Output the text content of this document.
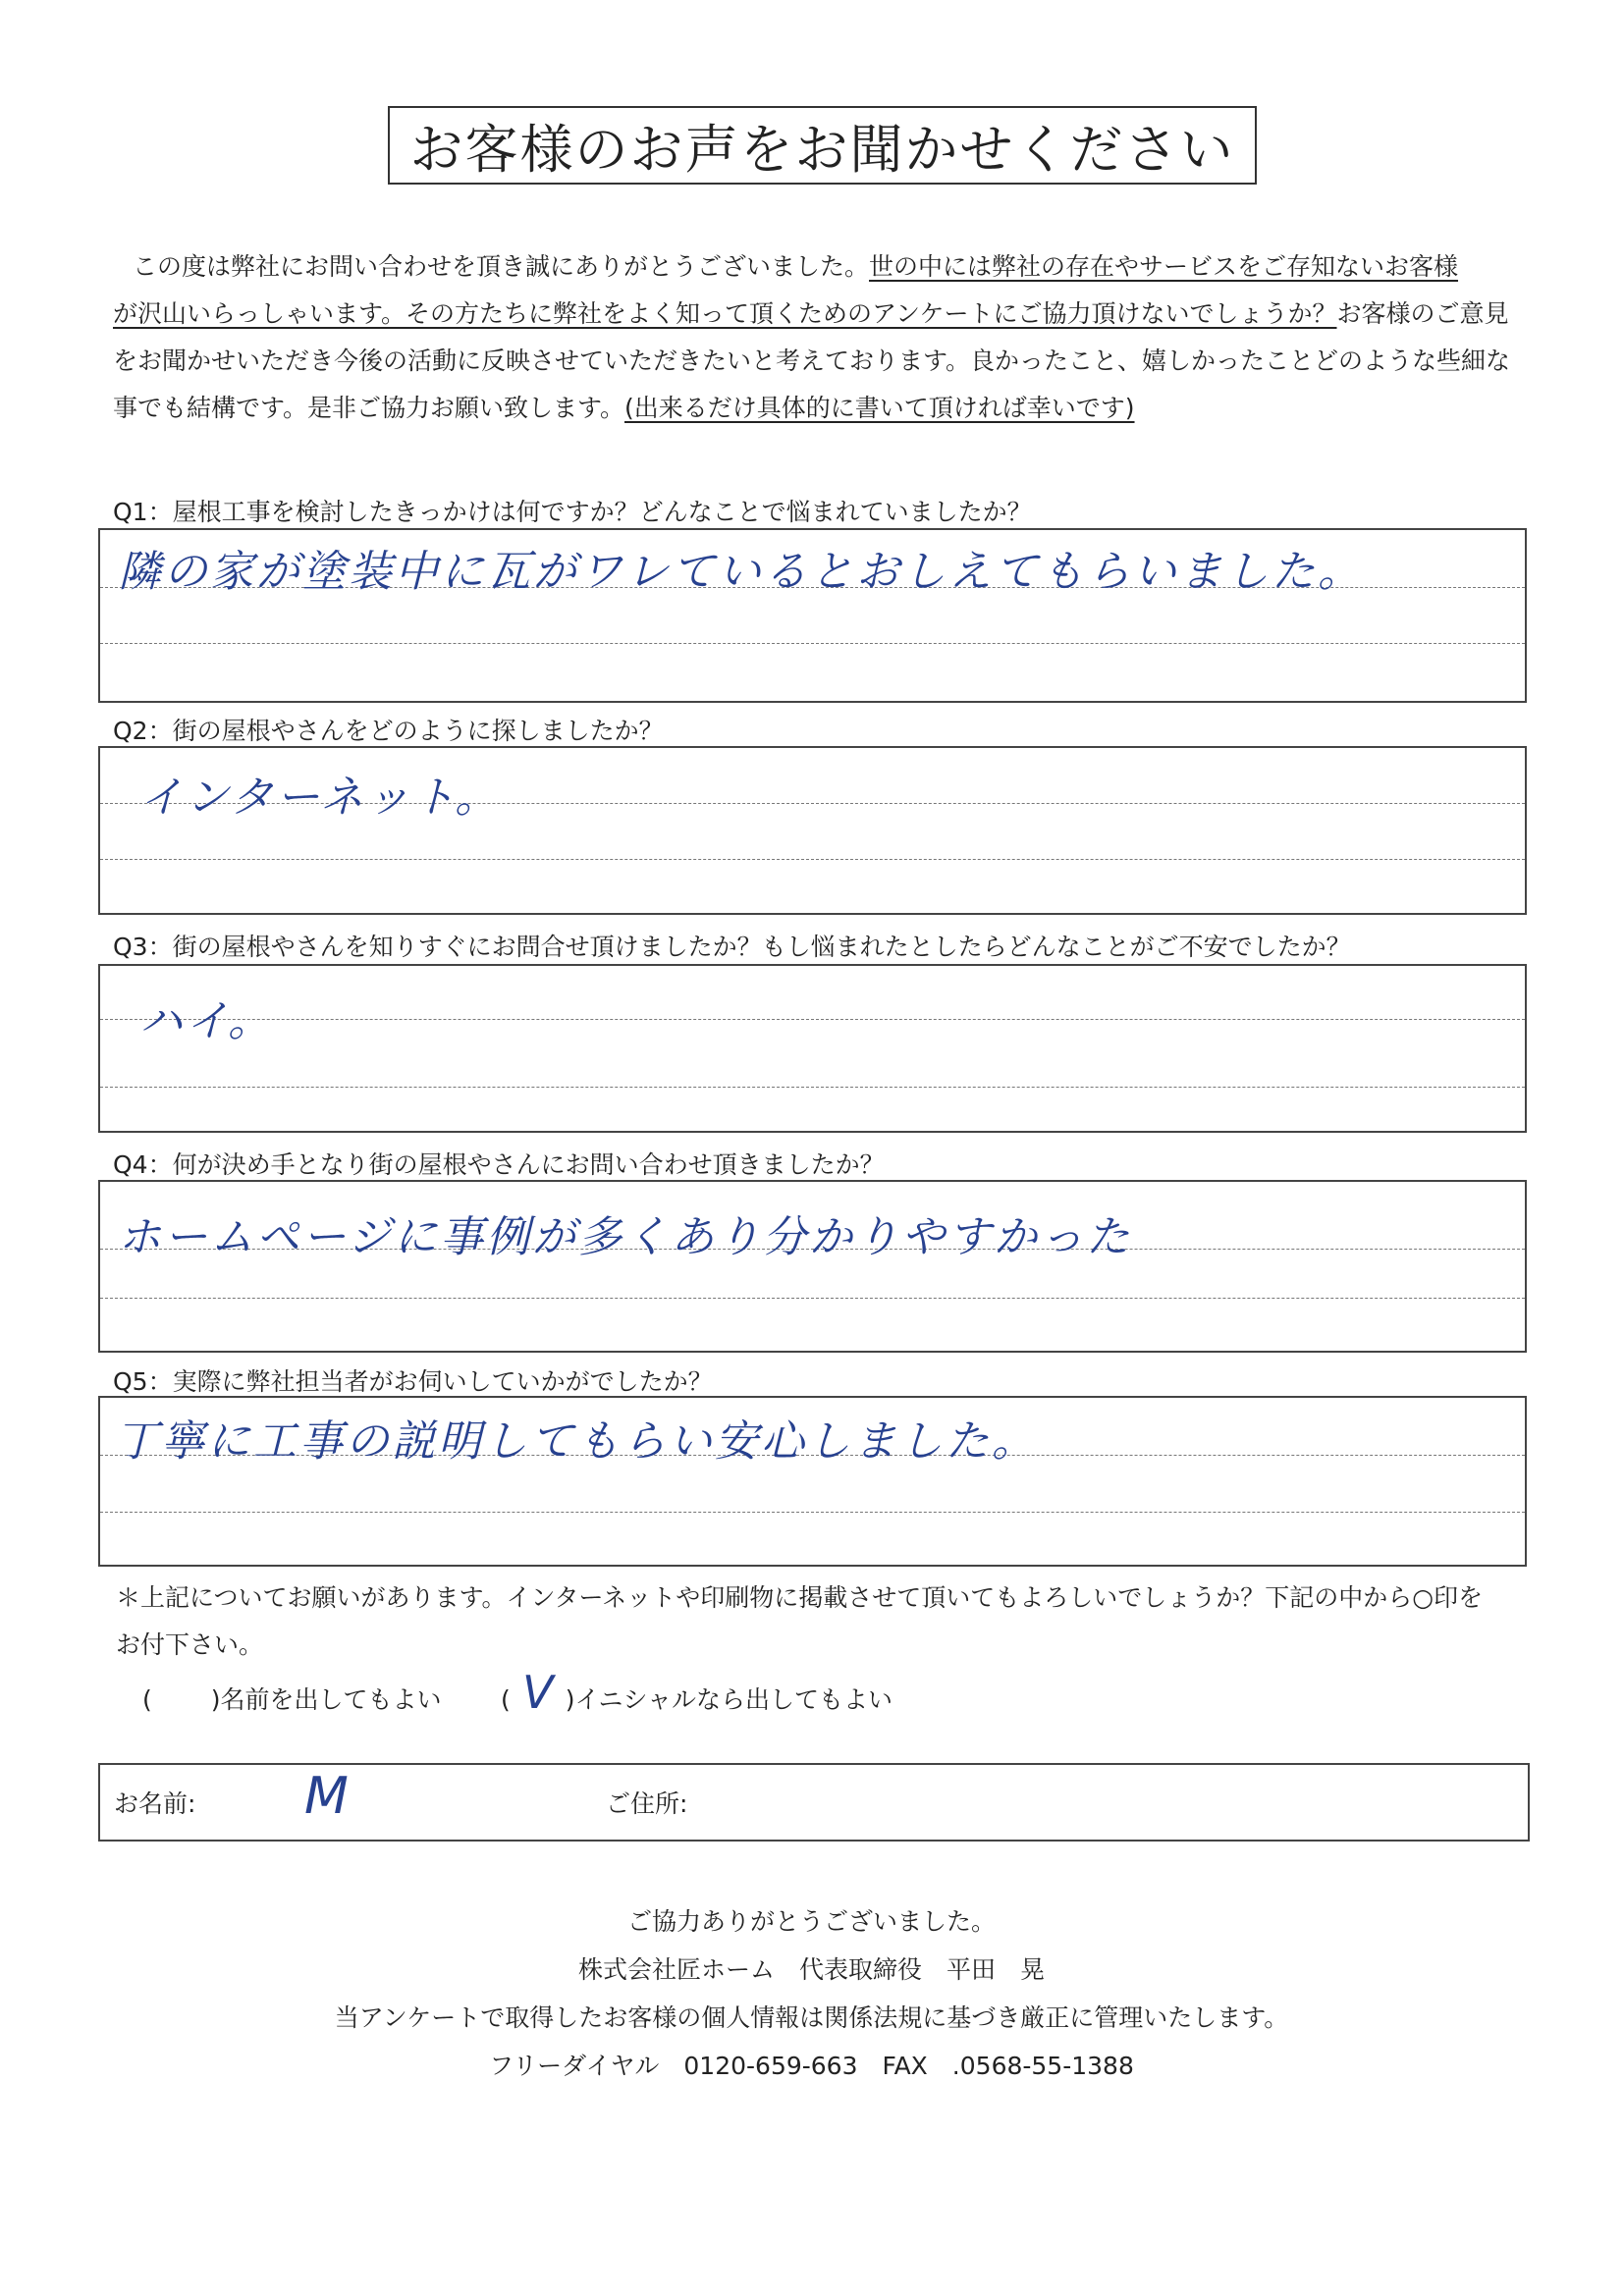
お客様のお声をお聞かせください
この度は弊社にお問い合わせを頂き誠にありがとうございました。世の中には弊社の存在やサービスをご存知ないお客様
が沢山いらっしゃいます。その方たちに弊社をよく知って頂くためのアンケートにご協力頂けないでしょうか？お客様のご意見
をお聞かせいただき今後の活動に反映させていただきたいと考えております。良かったこと、嬉しかったことどのような些細な
事でも結構です。是非ご協力お願い致します。(出来るだけ具体的に書いて頂ければ幸いです)
Q1：屋根工事を検討したきっかけは何ですか？どんなことで悩まれていましたか？
隣の家が塗装中に瓦がワレているとおしえてもらいました。
Q2：街の屋根やさんをどのように探しましたか？
インターネット。
Q3：街の屋根やさんを知りすぐにお問合せ頂けましたか？もし悩まれたとしたらどんなことがご不安でしたか？
ハイ。
Q4：何が決め手となり街の屋根やさんにお問い合わせ頂きましたか？
ホームページに事例が多くあり分かりやすかった
Q5：実際に弊社担当者がお伺いしていかがでしたか？
丁寧に工事の説明してもらい安心しました。
＊上記についてお願いがあります。インターネットや印刷物に掲載させて頂いてもよろしいでしょうか？下記の中から○印を
お付下さい。
( )名前を出してもよい ( V )イニシャルなら出してもよい
お名前: M	ご住所:
ご協力ありがとうございました。
株式会社匠ホーム　代表取締役　平田　晃
当アンケートで取得したお客様の個人情報は関係法規に基づき厳正に管理いたします。
フリーダイヤル　0120-659-663　FAX　.0568-55-1388
